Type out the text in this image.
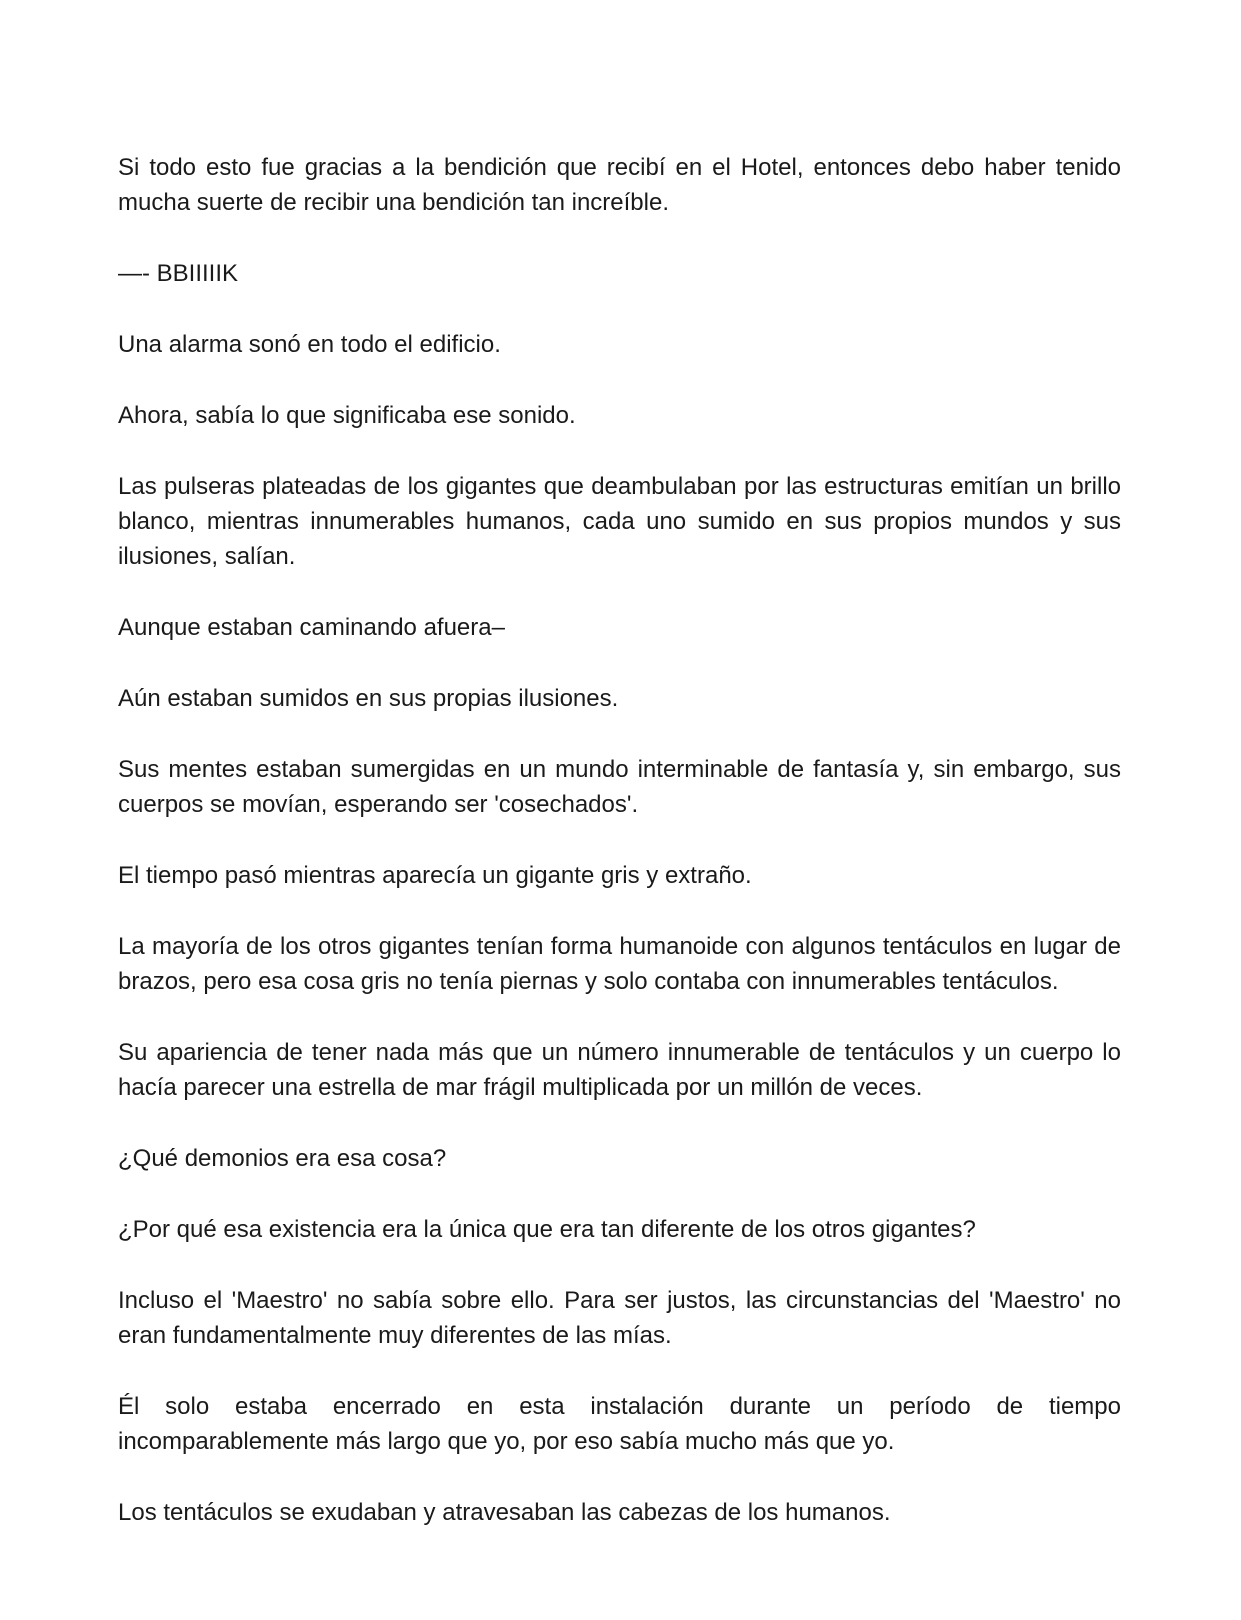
Si todo esto fue gracias a la bendición que recibí en el Hotel, entonces debo haber tenido mucha suerte de recibir una bendición tan increíble.

—- BBIIIIIK

Una alarma sonó en todo el edificio.

Ahora, sabía lo que significaba ese sonido.

Las pulseras plateadas de los gigantes que deambulaban por las estructuras emitían un brillo blanco, mientras innumerables humanos, cada uno sumido en sus propios mundos y sus ilusiones, salían.

Aunque estaban caminando afuera–

Aún estaban sumidos en sus propias ilusiones.

Sus mentes estaban sumergidas en un mundo interminable de fantasía y, sin embargo, sus cuerpos se movían, esperando ser 'cosechados'.

El tiempo pasó mientras aparecía un gigante gris y extraño.

La mayoría de los otros gigantes tenían forma humanoide con algunos tentáculos en lugar de brazos, pero esa cosa gris no tenía piernas y solo contaba con innumerables tentáculos.

Su apariencia de tener nada más que un número innumerable de tentáculos y un cuerpo lo hacía parecer una estrella de mar frágil multiplicada por un millón de veces.

¿Qué demonios era esa cosa?

¿Por qué esa existencia era la única que era tan diferente de los otros gigantes?

Incluso el 'Maestro' no sabía sobre ello. Para ser justos, las circunstancias del 'Maestro' no eran fundamentalmente muy diferentes de las mías.

Él solo estaba encerrado en esta instalación durante un período de tiempo incomparablemente más largo que yo, por eso sabía mucho más que yo.

Los tentáculos se exudaban y atravesaban las cabezas de los humanos.
